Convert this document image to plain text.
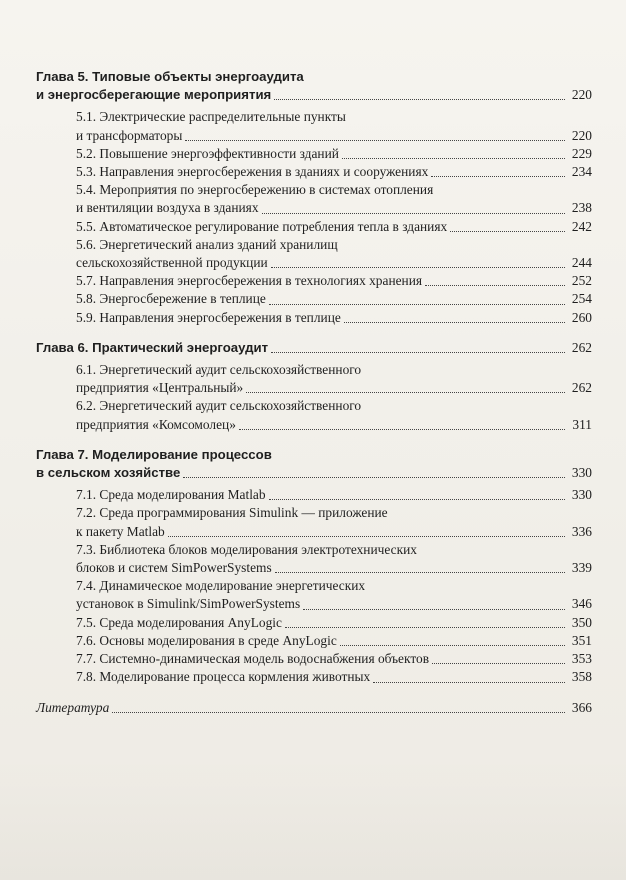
Глава 5. Типовые объекты энергоаудита
и энергосберегающие мероприятия	220
5.1. Электрические распределительные пункты
и трансформаторы	220
5.2. Повышение энергоэффективности зданий	229
5.3. Направления энергосбережения в зданиях и сооружениях	234
5.4. Мероприятия по энергосбережению в системах отопления
и вентиляции воздуха в зданиях	238
5.5. Автоматическое регулирование потребления тепла в зданиях	242
5.6. Энергетический анализ зданий хранилищ
сельскохозяйственной продукции	244
5.7. Направления энергосбережения в технологиях хранения	252
5.8. Энергосбережение в теплице	254
5.9. Направления энергосбережения в теплице	260
Глава 6. Практический энергоаудит	262
6.1. Энергетический аудит сельскохозяйственного
предприятия «Центральный»	262
6.2. Энергетический аудит сельскохозяйственного
предприятия «Комсомолец»	311
Глава 7. Моделирование процессов
в сельском хозяйстве	330
7.1. Среда моделирования Matlab	330
7.2. Среда программирования Simulink — приложение
к пакету Matlab	336
7.3. Библиотека блоков моделирования электротехнических
блоков и систем SimPowerSystems	339
7.4. Динамическое моделирование энергетических
установок в Simulink/SimPowerSystems	346
7.5. Среда моделирования AnyLogic	350
7.6. Основы моделирования в среде AnyLogic	351
7.7. Системно-динамическая модель водоснабжения объектов	353
7.8. Моделирование процесса кормления животных	358
Литература	366
